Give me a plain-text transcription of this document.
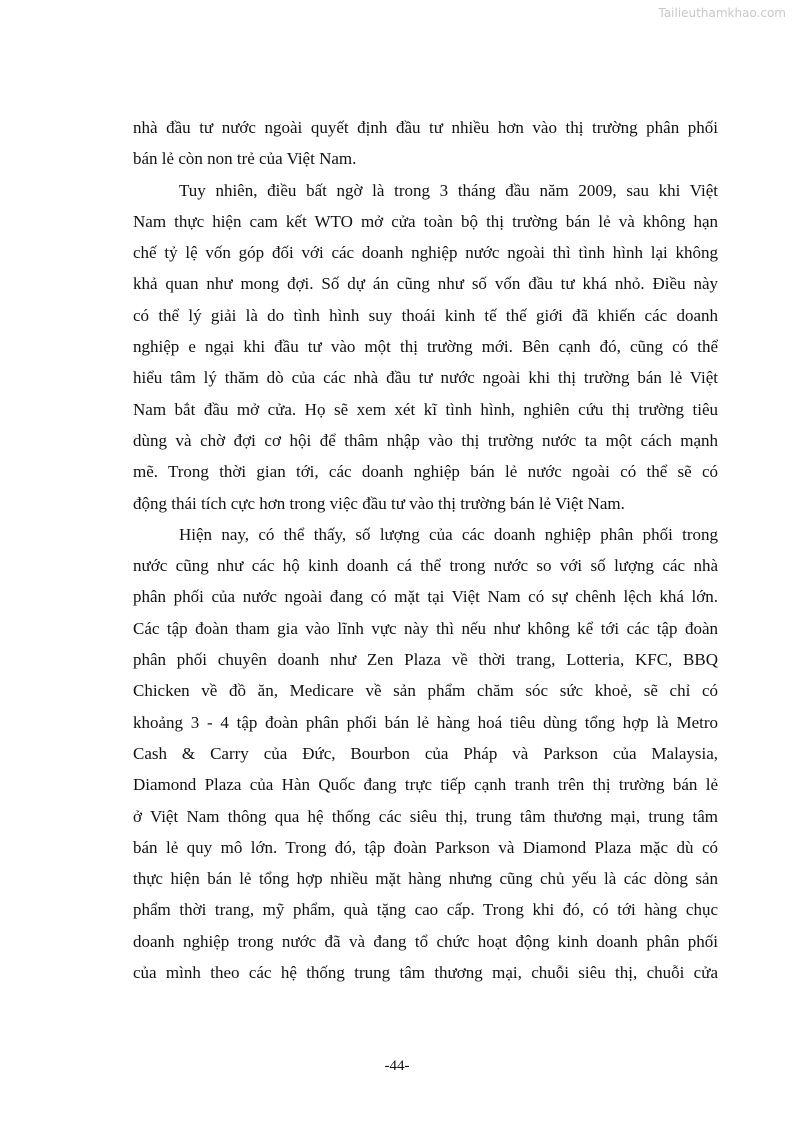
Tailieuthamkhao.com

nhà đầu tư nước ngoài quyết định đầu tư nhiều hơn vào thị trường phân phối

bán lẻ còn non trẻ của Việt Nam.

Tuy nhiên, điều bất ngờ là trong 3 tháng đầu năm 2009, sau khi Việt

Nam thực hiện cam kết WTO mở cửa toàn bộ thị trường bán lẻ và không hạn

chế tỷ lệ vốn góp đối với các doanh nghiệp nước ngoài thì tình hình lại không

khả quan như mong đợi. Số dự án cũng như số vốn đầu tư khá nhỏ. Điều này

có thể lý giải là do tình hình suy thoái kinh tế thế giới đã khiến các doanh

nghiệp e ngại khi đầu tư vào một thị trường mới. Bên cạnh đó, cũng có thể

hiểu tâm lý thăm dò của các nhà đầu tư nước ngoài khi thị trường bán lẻ Việt

Nam bắt đầu mở cửa. Họ sẽ xem xét kĩ tình hình, nghiên cứu thị trường tiêu

dùng và chờ đợi cơ hội để thâm nhập vào thị trường nước ta một cách mạnh

mẽ. Trong thời gian tới, các doanh nghiệp bán lẻ nước ngoài có thể sẽ có

động thái tích cực hơn trong việc đầu tư vào thị trường bán lẻ Việt Nam.

Hiện nay, có thể thấy, số lượng của các doanh nghiệp phân phối trong

nước cũng như các hộ kinh doanh cá thể trong nước so với số lượng các nhà

phân phối của nước ngoài đang có mặt tại Việt Nam có sự chênh lệch khá lớn.

Các tập đoàn tham gia vào lĩnh vực này thì nếu như không kể tới các tập đoàn

phân phối chuyên doanh như Zen Plaza về thời trang, Lotteria, KFC, BBQ

Chicken về đồ ăn, Medicare về sản phẩm chăm sóc sức khoẻ, sẽ chỉ có

khoảng 3 - 4 tập đoàn phân phối bán lẻ hàng hoá tiêu dùng tổng hợp là Metro

Cash & Carry của Đức, Bourbon của Pháp và Parkson của Malaysia,

Diamond Plaza của Hàn Quốc đang trực tiếp cạnh tranh trên thị trường bán lẻ

ở Việt Nam thông qua hệ thống các siêu thị, trung tâm thương mại, trung tâm

bán lẻ quy mô lớn. Trong đó, tập đoàn Parkson và Diamond Plaza mặc dù có

thực hiện bán lẻ tổng hợp nhiều mặt hàng nhưng cũng chủ yếu là các dòng sản

phẩm thời trang, mỹ phẩm, quà tặng cao cấp. Trong khi đó, có tới hàng chục

doanh nghiệp trong nước đã và đang tổ chức hoạt động kinh doanh phân phối

của mình theo các hệ thống trung tâm thương mại, chuỗi siêu thị, chuỗi cửa

-44-
